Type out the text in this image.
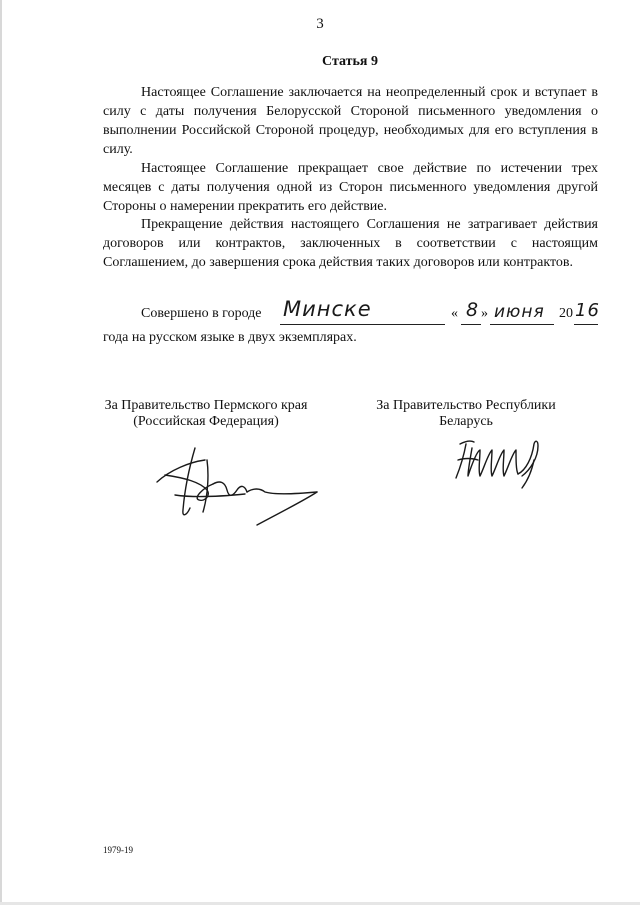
3
Статья 9

Настоящее Соглашение заключается на неопределенный срок и вступает в силу с даты получения Белорусской Стороной письменного уведомления о выполнении Российской Стороной процедур, необходимых для его вступления в силу.

Настоящее Соглашение прекращает свое действие по истечении трех месяцев с даты получения одной из Сторон письменного уведомления другой Стороны о намерении прекратить его действие.

Прекращение действия настоящего Соглашения не затрагивает действия договоров или контрактов, заключенных в соответствии с настоящим Соглашением, до завершения срока действия таких договоров или контрактов.

Совершено в городе Минске	« 8 » июня 20 16
года на русском языке в двух экземплярах.
За Правительство Пермского края
(Российская Федерация)
За Правительство Республики
Беларусь
1979-19
